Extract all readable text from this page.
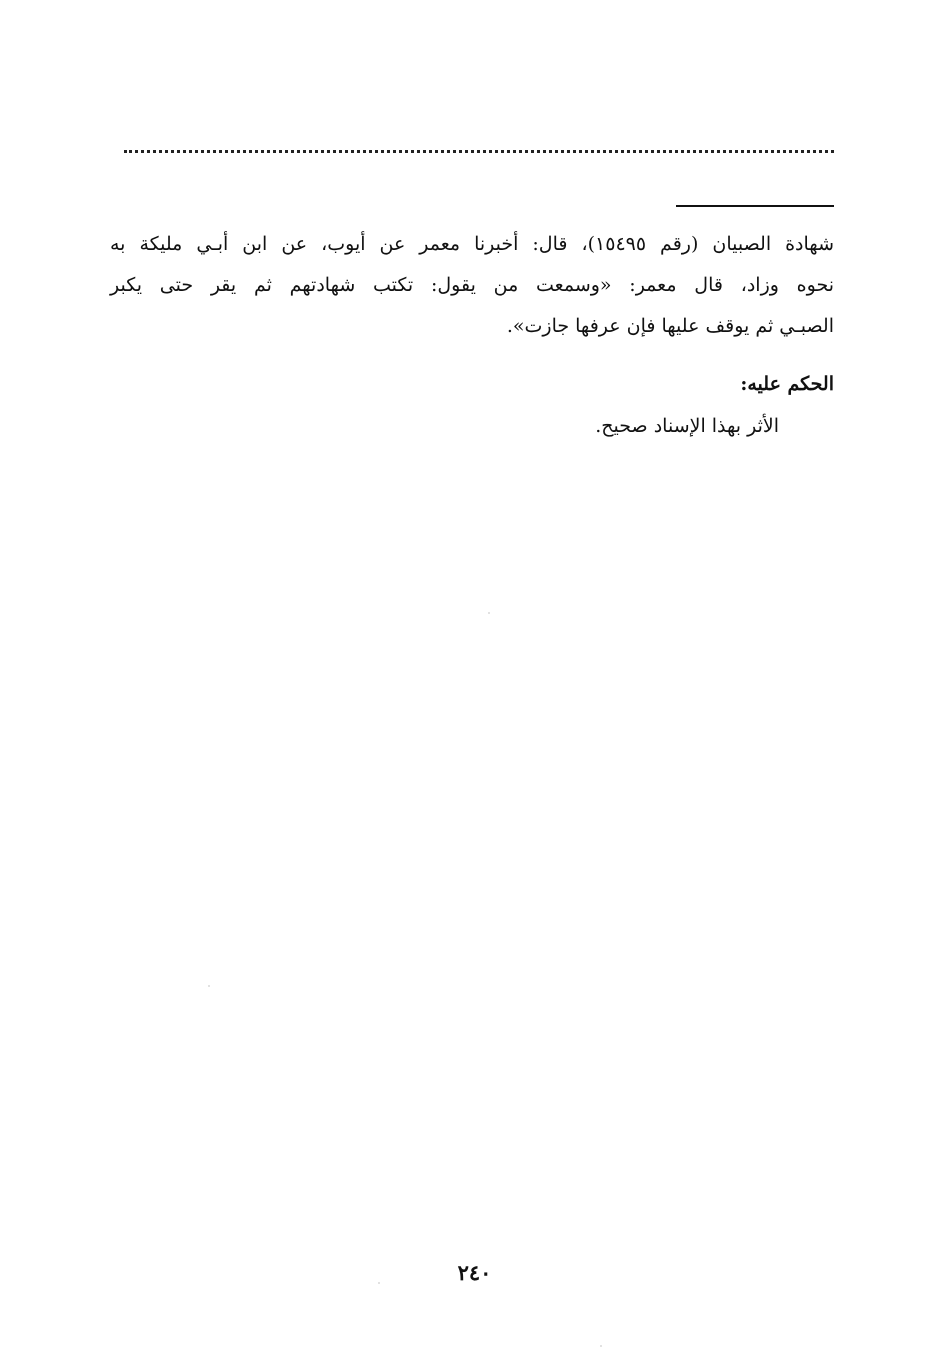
شهادة الصبيان (رقم ١٥٤٩٥)، قال: أخبرنا معمر عن أيوب، عن ابن أبـي مليكة به
نحوه وزاد، قال معمر: «وسمعت من يقول: تكتب شهادتهم ثم يقر حتى يكبر
الصبـي ثم يوقف عليها فإن عرفها جازت».

الحكم عليه:

الأثر بهذا الإسناد صحيح.

٢٤٠
